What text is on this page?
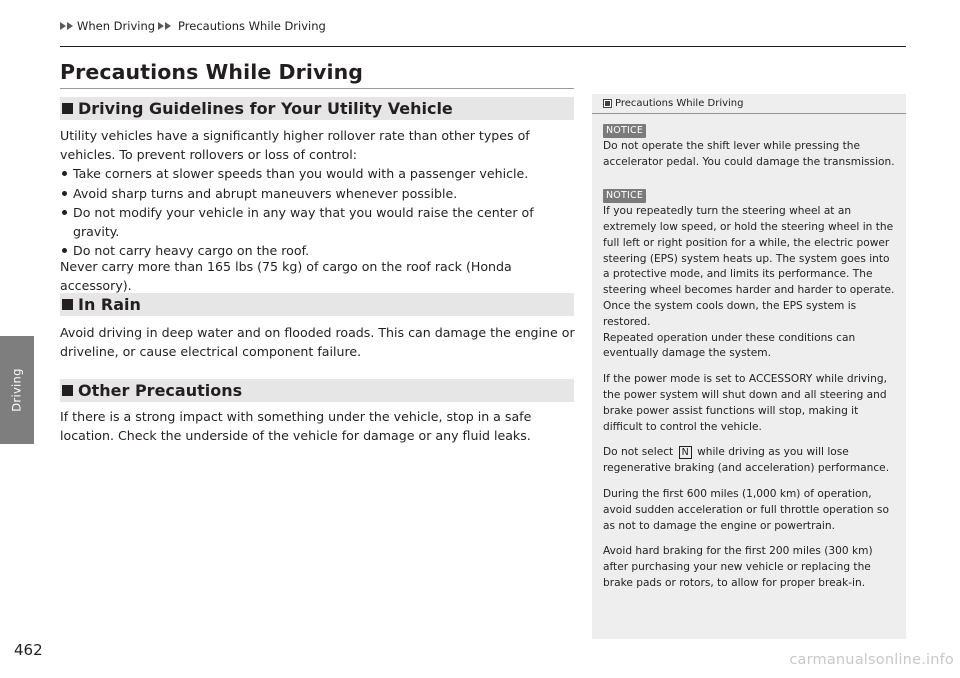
Driving
When Driving Precautions While Driving
Precautions While Driving
Driving Guidelines for Your Utility Vehicle

Utility vehicles have a significantly higher rollover rate than other types of vehicles. To prevent rollovers or loss of control:

Take corners at slower speeds than you would with a passenger vehicle.
Avoid sharp turns and abrupt maneuvers whenever possible.
Do not modify your vehicle in any way that you would raise the center of gravity.
Do not carry heavy cargo on the roof.
Never carry more than 165 lbs (75 kg) of cargo on the roof rack (Honda accessory).
In Rain
Avoid driving in deep water and on flooded roads. This can damage the engine or driveline, or cause electrical component failure.
Other Precautions
If there is a strong impact with something under the vehicle, stop in a safe location. Check the underside of the vehicle for damage or any fluid leaks.
Precautions While Driving
NOTICE

Do not operate the shift lever while pressing the accelerator pedal. You could damage the transmission.

NOTICE

If you repeatedly turn the steering wheel at an extremely low speed, or hold the steering wheel in the full left or right position for a while, the electric power steering (EPS) system heats up. The system goes into a protective mode, and limits its performance. The steering wheel becomes harder and harder to operate. Once the system cools down, the EPS system is restored.

Repeated operation under these conditions can eventually damage the system.

If the power mode is set to ACCESSORY while driving, the power system will shut down and all steering and brake power assist functions will stop, making it difficult to control the vehicle.

Do not select N while driving as you will lose regenerative braking (and acceleration) performance.

During the first 600 miles (1,000 km) of operation, avoid sudden acceleration or full throttle operation so as not to damage the engine or powertrain.

Avoid hard braking for the first 200 miles (300 km) after purchasing your new vehicle or replacing the brake pads or rotors, to allow for proper break-in.

462
carmanualsonline.info
